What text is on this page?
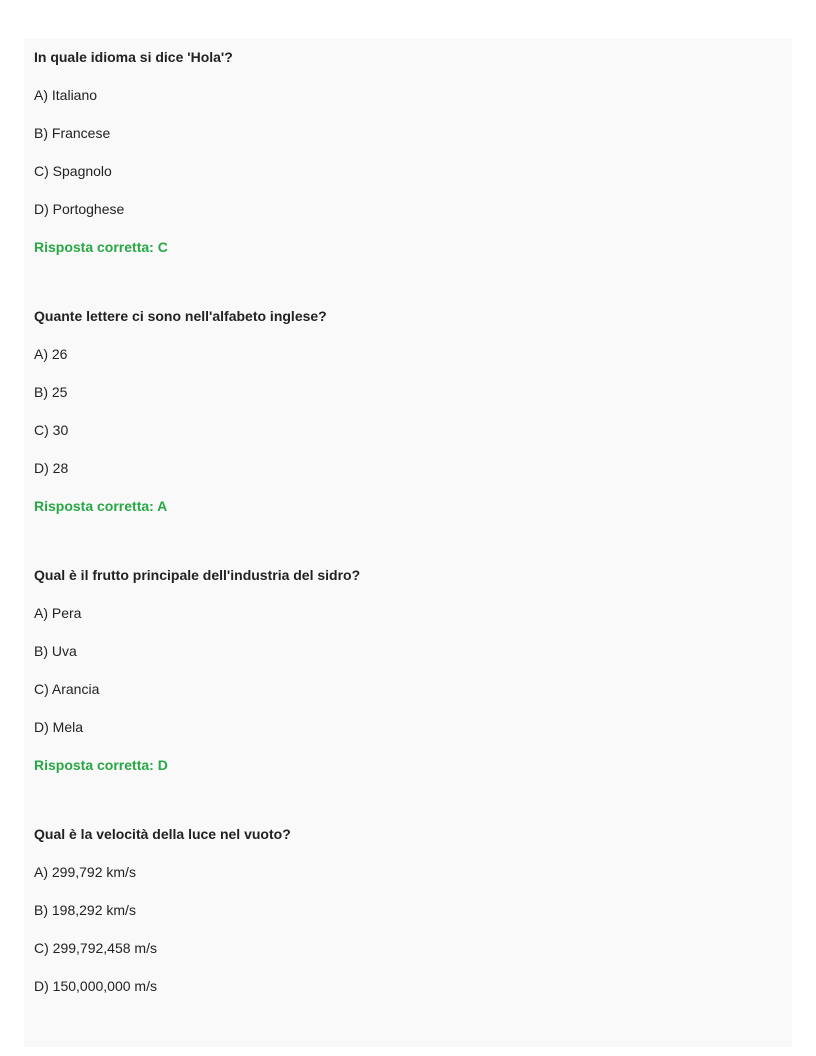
In quale idioma si dice 'Hola'?
A) Italiano
B) Francese
C) Spagnolo
D) Portoghese
Risposta corretta: C
Quante lettere ci sono nell'alfabeto inglese?
A) 26
B) 25
C) 30
D) 28
Risposta corretta: A
Qual è il frutto principale dell'industria del sidro?
A) Pera
B) Uva
C) Arancia
D) Mela
Risposta corretta: D
Qual è la velocità della luce nel vuoto?
A) 299,792 km/s
B) 198,292 km/s
C) 299,792,458 m/s
D) 150,000,000 m/s
